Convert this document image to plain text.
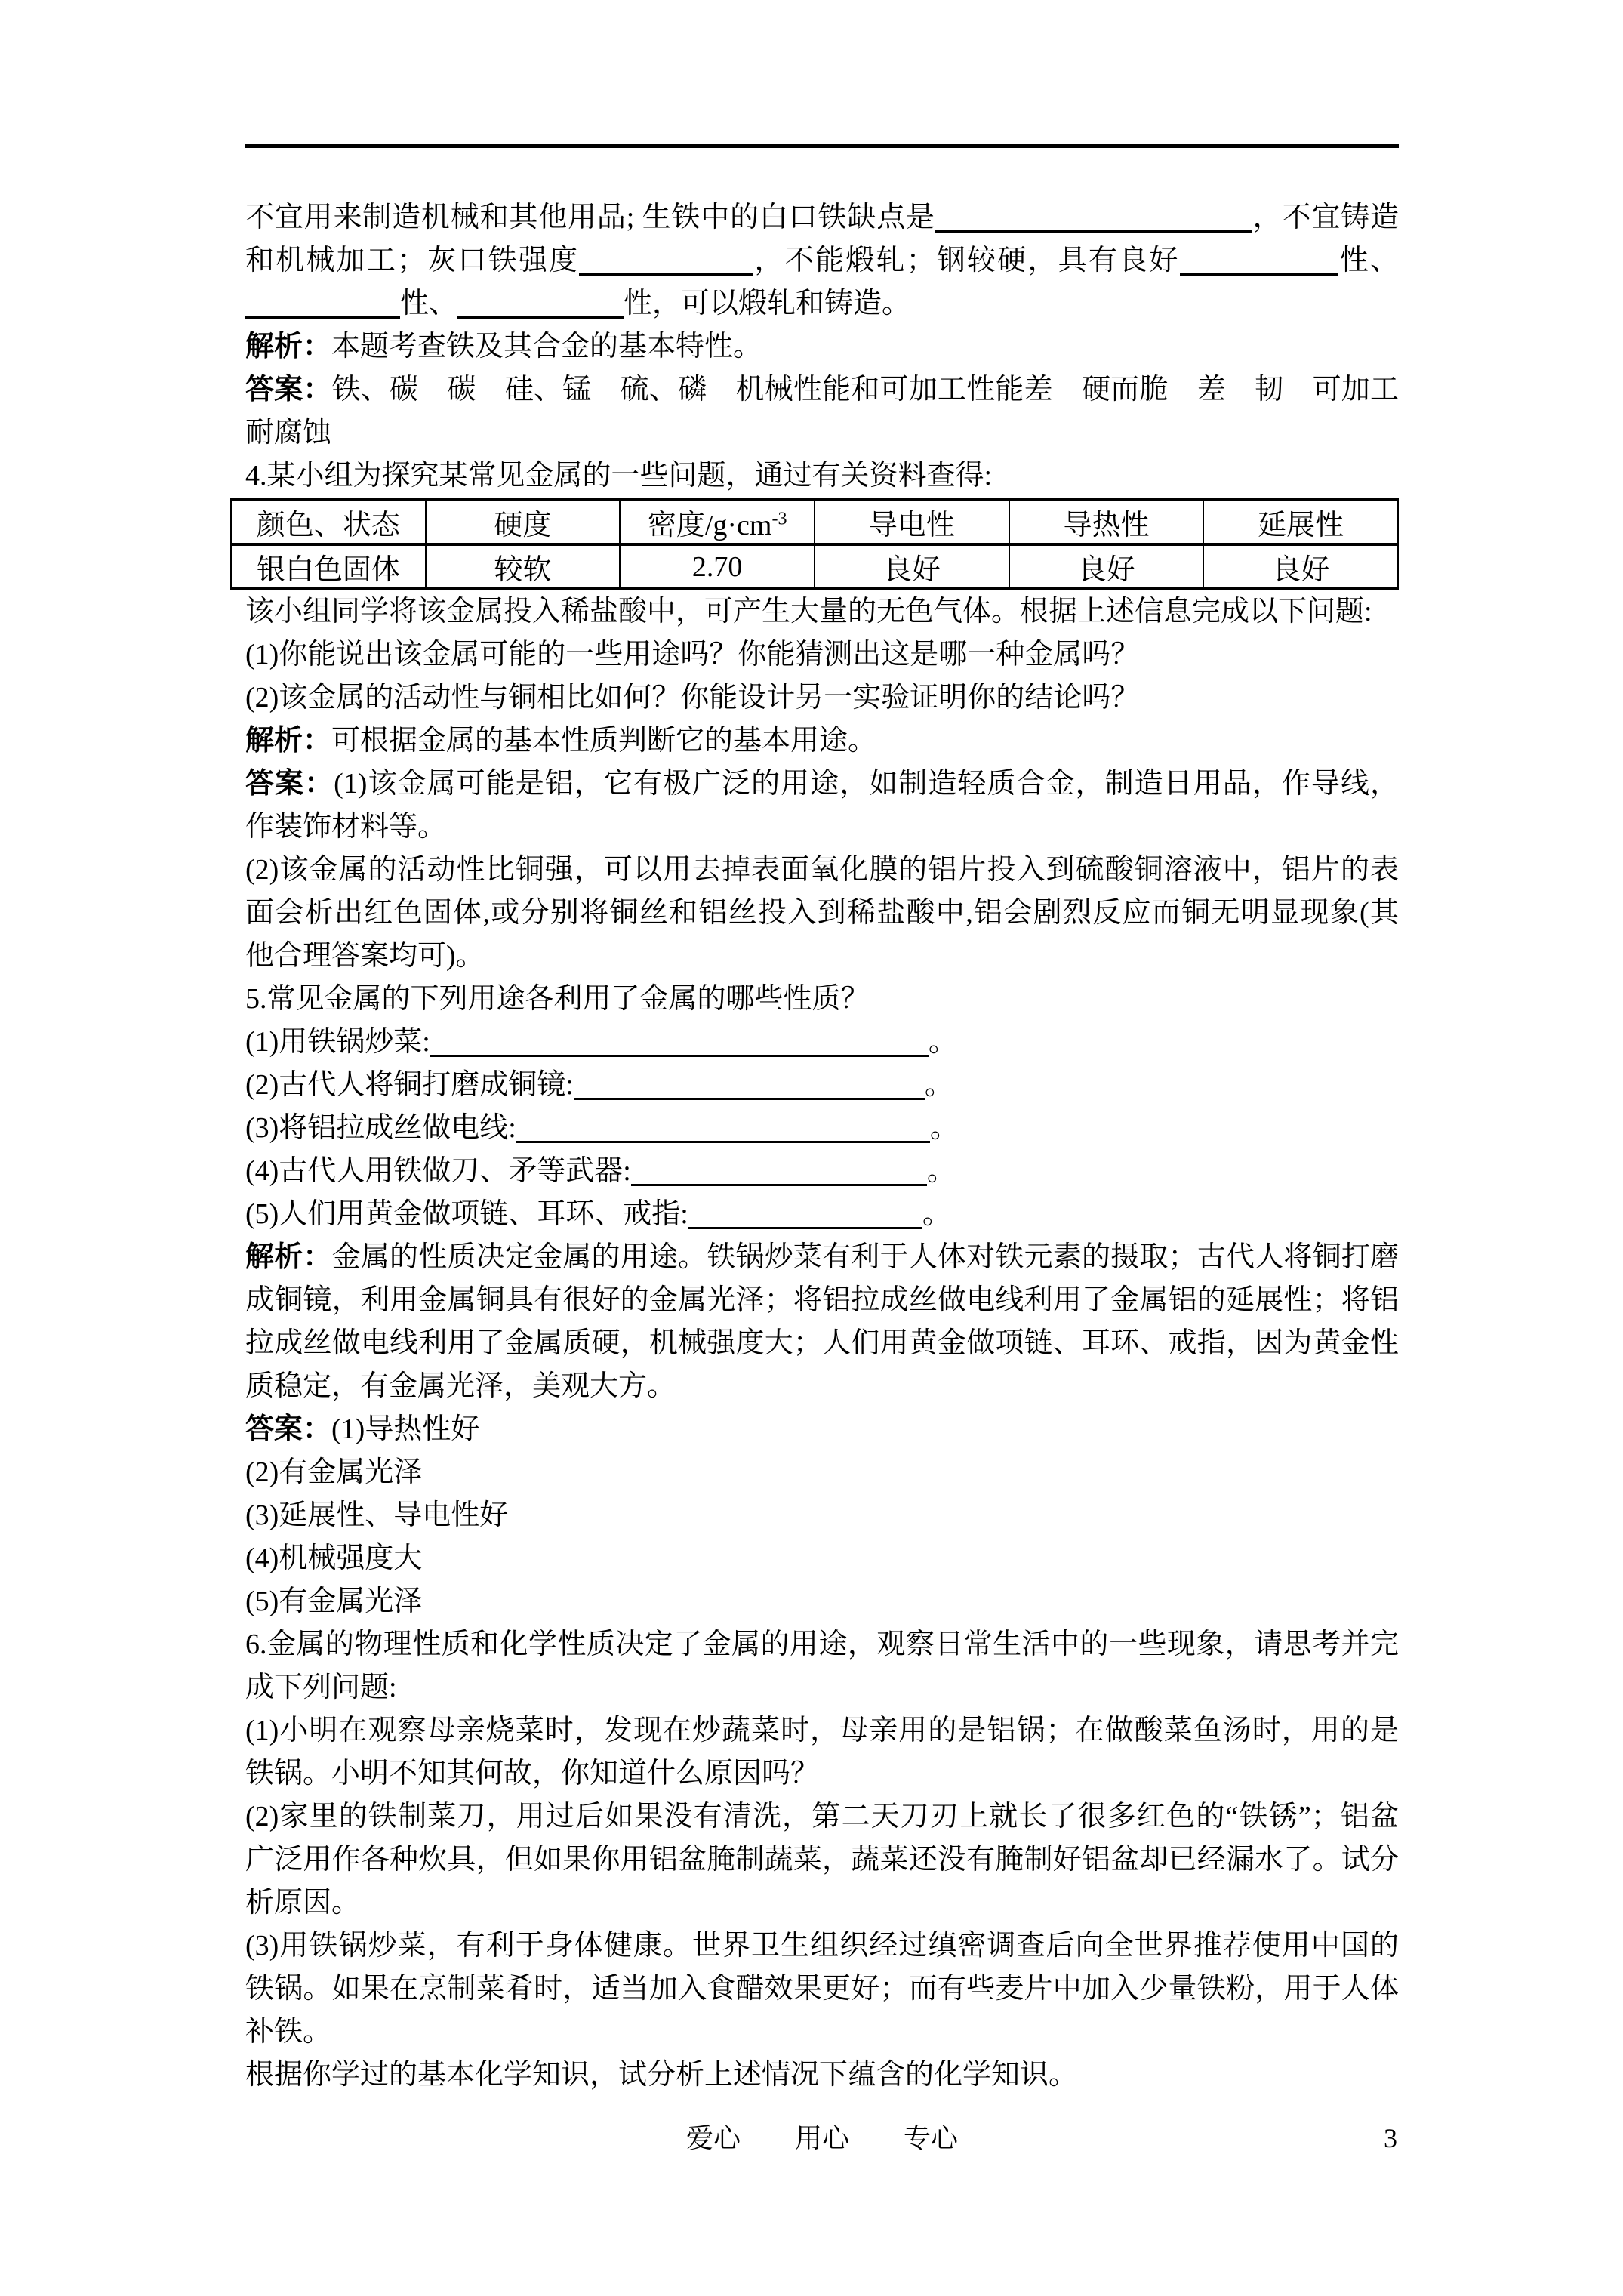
不宜用来制造机械和其他用品; 生铁中的白口铁缺点是	，不宜铸造
和机械加工；灰口铁强度	，不能煅轧；钢较硬，具有良好	性、
性、	性，可以煅轧和铸造。
解析：本题考查铁及其合金的基本特性。
答案：铁、碳　碳　硅、锰　硫、磷　机械性能和可加工性能差　硬而脆　差　韧　可加工
耐腐蚀
4.某小组为探究某常见金属的一些问题，通过有关资料查得:
颜色、状态	硬度	密度$/g\cdot cm^{-3}$	导电性	导热性	延展性
银白色固体	较软	2.70	良好	良好	良好
该小组同学将该金属投入稀盐酸中，可产生大量的无色气体。根据上述信息完成以下问题:
(1)你能说出该金属可能的一些用途吗？你能猜测出这是哪一种金属吗？
(2)该金属的活动性与铜相比如何？你能设计另一实验证明你的结论吗？
解析：可根据金属的基本性质判断它的基本用途。
答案：(1)该金属可能是铝，它有极广泛的用途，如制造轻质合金，制造日用品，作导线，
作装饰材料等。
(2)该金属的活动性比铜强，可以用去掉表面氧化膜的铝片投入到硫酸铜溶液中，铝片的表
面会析出红色固体,或分别将铜丝和铝丝投入到稀盐酸中,铝会剧烈反应而铜无明显现象(其
他合理答案均可)。
5.常见金属的下列用途各利用了金属的哪些性质？
(1)用铁锅炒菜:	。
(2)古代人将铜打磨成铜镜:	。
(3)将铝拉成丝做电线:	。
(4)古代人用铁做刀、矛等武器:	。
(5)人们用黄金做项链、耳环、戒指:	。
解析：金属的性质决定金属的用途。铁锅炒菜有利于人体对铁元素的摄取；古代人将铜打磨
成铜镜，利用金属铜具有很好的金属光泽；将铝拉成丝做电线利用了金属铝的延展性；将铝
拉成丝做电线利用了金属质硬，机械强度大；人们用黄金做项链、耳环、戒指，因为黄金性
质稳定，有金属光泽，美观大方。
答案：(1)导热性好
(2)有金属光泽
(3)延展性、导电性好
(4)机械强度大
(5)有金属光泽
6.金属的物理性质和化学性质决定了金属的用途，观察日常生活中的一些现象，请思考并完
成下列问题:
(1)小明在观察母亲烧菜时，发现在炒蔬菜时，母亲用的是铝锅；在做酸菜鱼汤时，用的是
铁锅。小明不知其何故，你知道什么原因吗？
(2)家里的铁制菜刀，用过后如果没有清洗，第二天刀刃上就长了很多红色的“铁锈”；铝盆
广泛用作各种炊具，但如果你用铝盆腌制蔬菜，蔬菜还没有腌制好铝盆却已经漏水了。试分
析原因。
(3)用铁锅炒菜，有利于身体健康。世界卫生组织经过缜密调查后向全世界推荐使用中国的
铁锅。如果在烹制菜肴时，适当加入食醋效果更好；而有些麦片中加入少量铁粉，用于人体
补铁。
根据你学过的基本化学知识，试分析上述情况下蕴含的化学知识。
爱心　　用心　　专心	3
